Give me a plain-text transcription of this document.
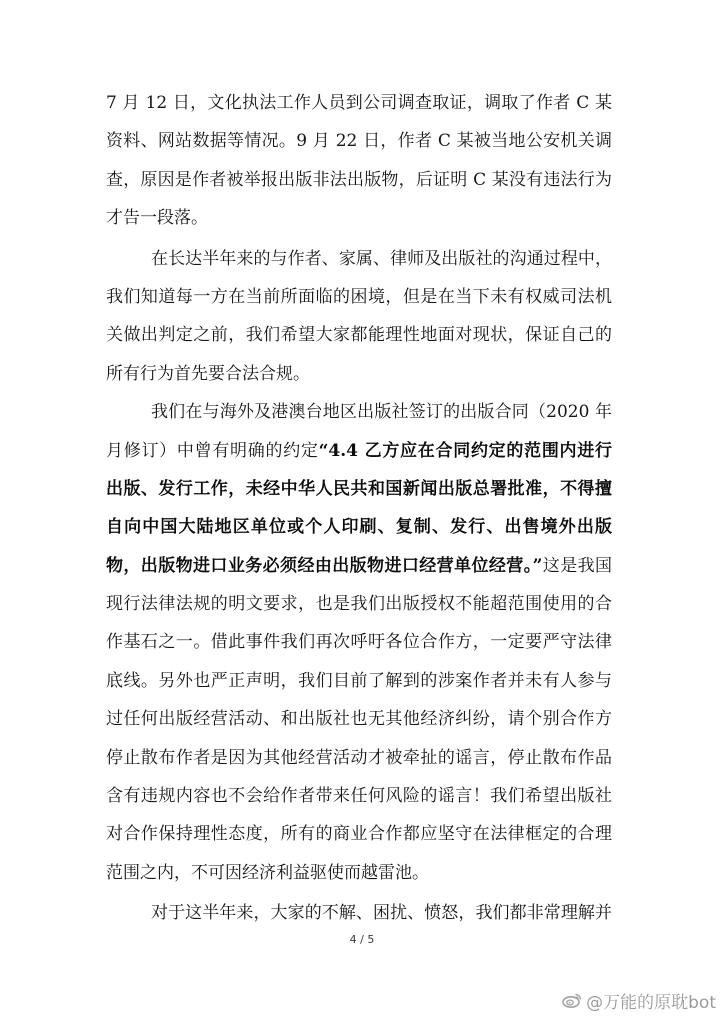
7 月 12 日，文化执法工作人员到公司调查取证，调取了作者 C 某
资料、网站数据等情况。9 月 22 日，作者 C 某被当地公安机关调
查，原因是作者被举报出版非法出版物，后证明 C 某没有违法行为
才告一段落。
在长达半年来的与作者、家属、律师及出版社的沟通过程中，
我们知道每一方在当前所面临的困境，但是在当下未有权威司法机
关做出判定之前，我们希望大家都能理性地面对现状，保证自己的
所有行为首先要合法合规。
我们在与海外及港澳台地区出版社签订的出版合同（2020 年
月修订）中曾有明确的约定“4.4 乙方应在合同约定的范围内进行
出版、发行工作，未经中华人民共和国新闻出版总署批准，不得擅
自向中国大陆地区单位或个人印刷、复制、发行、出售境外出版
物，出版物进口业务必须经由出版物进口经营单位经营。”这是我国
现行法律法规的明文要求，也是我们出版授权不能超范围使用的合
作基石之一。借此事件我们再次呼吁各位合作方，一定要严守法律
底线。另外也严正声明，我们目前了解到的涉案作者并未有人参与
过任何出版经营活动、和出版社也无其他经济纠纷，请个别合作方
停止散布作者是因为其他经营活动才被牵扯的谣言，停止散布作品
含有违规内容也不会给作者带来任何风险的谣言！我们希望出版社
对合作保持理性态度，所有的商业合作都应坚守在法律框定的合理
范围之内，不可因经济利益驱使而越雷池。
对于这半年来，大家的不解、困扰、愤怒，我们都非常理解并
4 / 5
@万能的原耽bot
